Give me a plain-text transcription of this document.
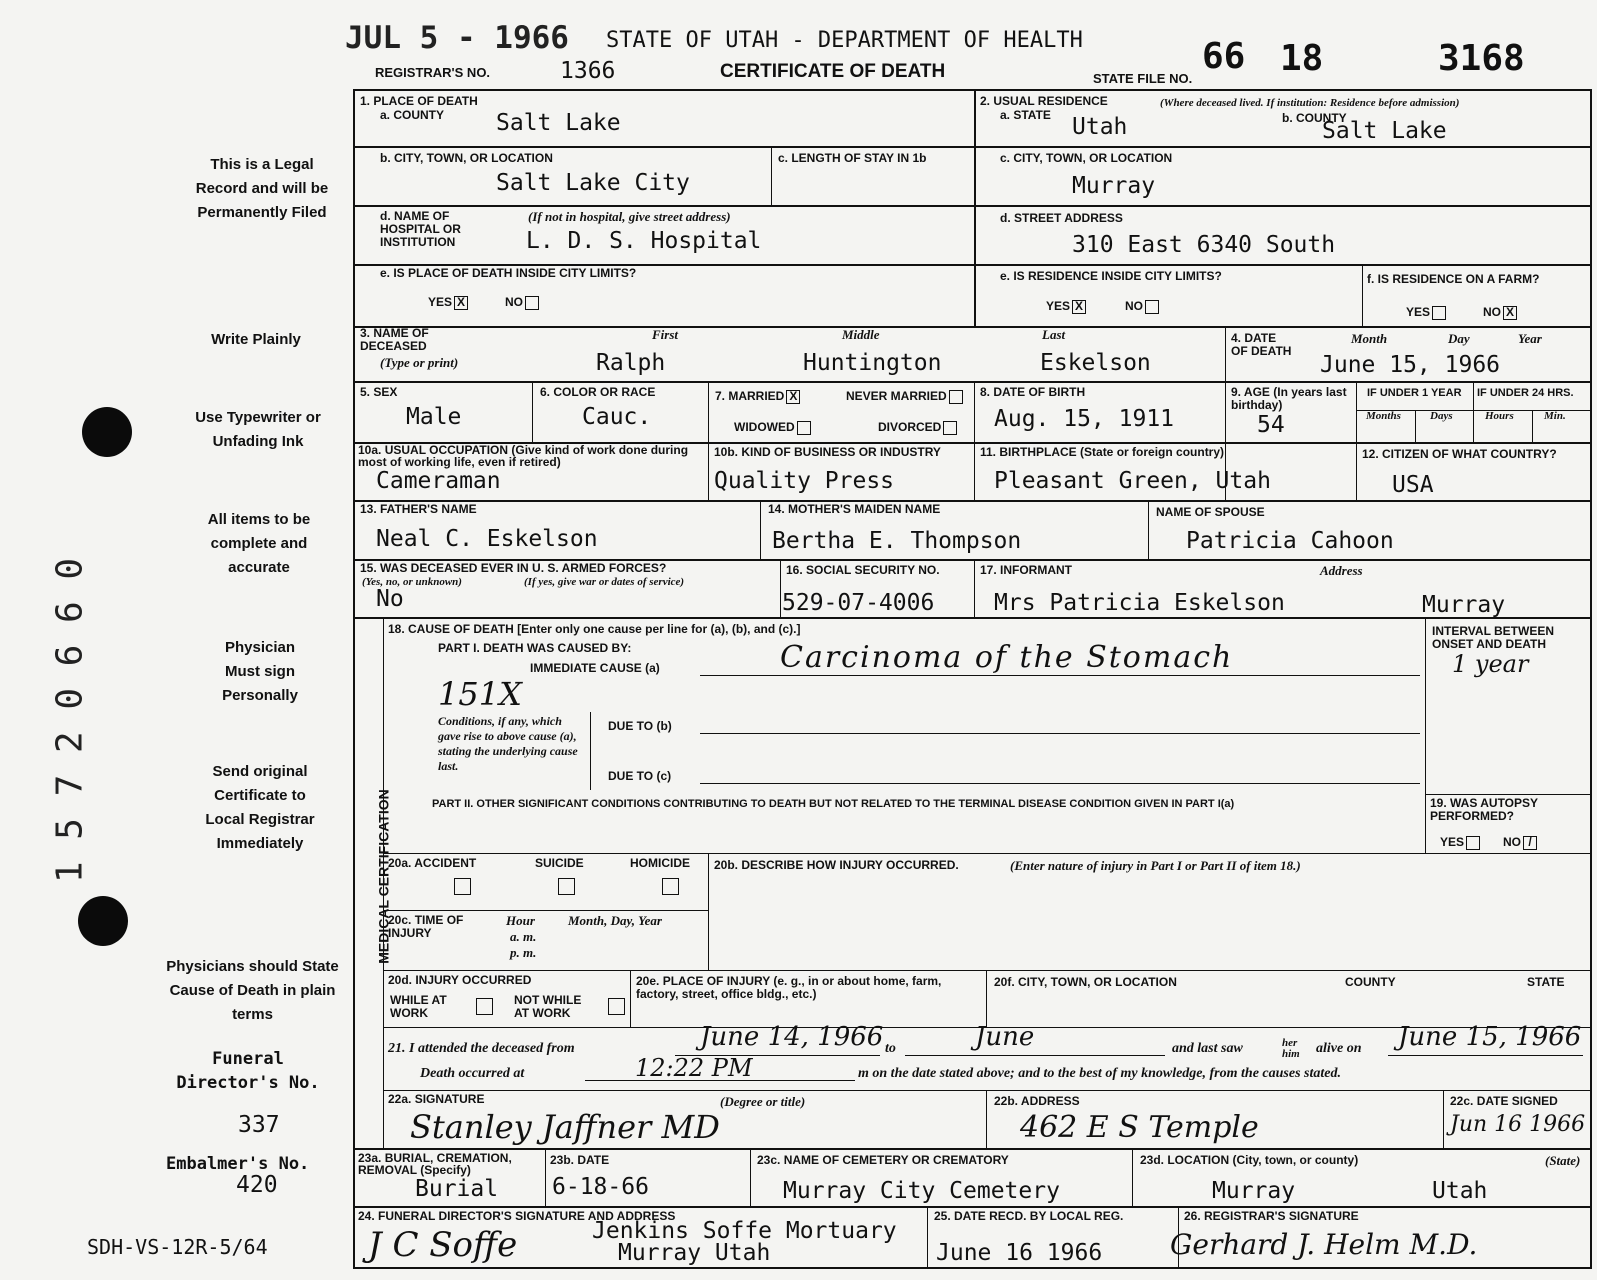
JUL 5 - 1966 STATE OF UTAH - DEPARTMENT OF HEALTH
REGISTRAR'S NO.	1366	CERTIFICATE OF DEATH	STATE FILE NO.
66 18	3168
This is a Legal Record and will be Permanently Filed
Write Plainly
Use Typewriter or Unfading Ink
All items to be complete and accurate
Physician Must sign Personally
Send original Certificate to Local Registrar Immediately
Physicians should State Cause of Death in plain terms
Funeral Director's No.
337
Embalmer's No.
420
SDH-VS-12R-5/64
1 5 7 2 0 6 6 0
1. PLACE OF DEATH
a. COUNTY Salt Lake
2. USUAL RESIDENCE	(Where deceased lived. If institution: Residence before admission)
a. STATE Utah	b. COUNTY
Salt Lake
b. CITY, TOWN, OR LOCATION
Salt Lake City
c. LENGTH OF STAY IN 1b	c. CITY, TOWN, OR LOCATION
Murray
d. NAME OF HOSPITAL OR INSTITUTION
(If not in hospital, give street address)
L. D. S. Hospital
d. STREET ADDRESS
310 East 6340 South
e. IS PLACE OF DEATH INSIDE CITY LIMITS?
YES X	NO
e. IS RESIDENCE INSIDE CITY LIMITS?
YES X	NO
f. IS RESIDENCE ON A FARM?
YES	NO X
3. NAME OF DECEASED
(Type or print)
First	Middle	Last
Ralph	Huntington	Eskelson
4. DATE OF DEATH
Month	Day	Year
June 15, 1966
5. SEX
Male
6. COLOR OR RACE
Cauc.
7. MARRIED X	NEVER MARRIED
WIDOWED	DIVORCED
8. DATE OF BIRTH
Aug. 15, 1911
9. AGE (In years last birthday)
54
IF UNDER 1 YEAR IF UNDER 24 HRS.
Months	Days	Hours	Min.
10a. USUAL OCCUPATION (Give kind of work done during most of working life, even if retired)
Cameraman
10b. KIND OF BUSINESS OR INDUSTRY
Quality Press
11. BIRTHPLACE (State or foreign country)
Pleasant Green, Utah
12. CITIZEN OF WHAT COUNTRY?
USA
13. FATHER'S NAME
Neal C. Eskelson
14. MOTHER'S MAIDEN NAME
Bertha E. Thompson
NAME OF SPOUSE
Patricia Cahoon
15. WAS DECEASED EVER IN U. S. ARMED FORCES?
(Yes, no, or unknown)	(If yes, give war or dates of service)
No
16. SOCIAL SECURITY NO.
529-07-4006
17. INFORMANT	Address
Mrs Patricia Eskelson	Murray
MEDICAL CERTIFICATION
18. CAUSE OF DEATH [Enter only one cause per line for (a), (b), and (c).]
PART I. DEATH WAS CAUSED BY:
IMMEDIATE CAUSE (a)	Carcinoma of the Stomach
151X
INTERVAL BETWEEN ONSET AND DEATH
1 year
Conditions, if any, which gave rise to above cause (a), stating the underlying cause last.
DUE TO (b)
DUE TO (c)
PART II. OTHER SIGNIFICANT CONDITIONS CONTRIBUTING TO DEATH BUT NOT RELATED TO THE TERMINAL DISEASE CONDITION GIVEN IN PART I(a)	19. WAS AUTOPSY PERFORMED?
YES	NO /
20a. ACCIDENT	SUICIDE	HOMICIDE 20b. DESCRIBE HOW INJURY OCCURRED.	(Enter nature of injury in Part I or Part II of item 18.)
20c. TIME OF INJURY
Hour
a. m.
p. m.
Month, Day, Year
20d. INJURY OCCURRED
WHILE AT WORK
NOT WHILE AT WORK
20e. PLACE OF INJURY (e. g., in or about home, farm, factory, street, office bldg., etc.)
20f. CITY, TOWN, OR LOCATION	COUNTY	STATE
21. I attended the deceased from	June 14, 1966 to	June	and last saw	her him	alive on June 15, 1966
Death occurred at	12:22 PM	m on the date stated above; and to the best of my knowledge, from the causes stated.
22a. SIGNATURE	(Degree or title)
Stanley Jaffner MD
22b. ADDRESS
462 E S Temple
22c. DATE SIGNED
Jun 16 1966
23a. BURIAL, CREMATION, REMOVAL (Specify)
Burial
23b. DATE
6-18-66
23c. NAME OF CEMETERY OR CREMATORY
Murray City Cemetery
23d. LOCATION (City, town, or county)	(State)
Murray	Utah
24. FUNERAL DIRECTOR'S SIGNATURE AND ADDRESS
J C Soffe	Jenkins Soffe Mortuary
Murray Utah
25. DATE RECD. BY LOCAL REG.
June 16 1966
26. REGISTRAR'S SIGNATURE
Gerhard J. Helm M.D.
